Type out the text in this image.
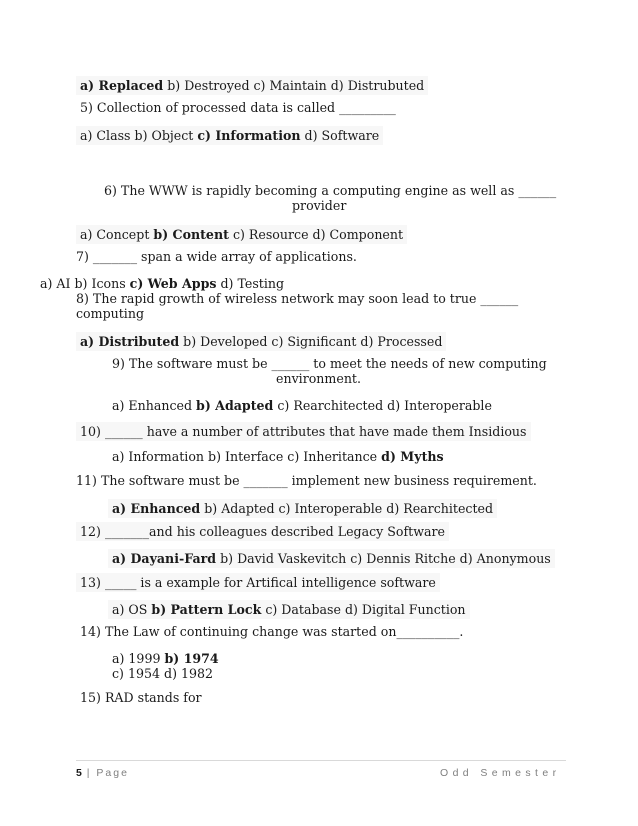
a) Replaced b) Destroyed c) Maintain d) Distrubuted
5) Collection of processed data is called _________
a) Class b) Object c) Information d) Software
6) The WWW is rapidly becoming a computing engine as well as ______
provider
a) Concept b) Content c) Resource d) Component
7) _______ span a wide array of applications.
a) AI b) Icons c) Web Apps d) Testing
8) The rapid growth of wireless network may soon lead to true ______
computing
a) Distributed b) Developed c) Significant d) Processed
9) The software must be ______ to meet the needs of new computing
environment.
a) Enhanced b) Adapted c) Rearchitected d) Interoperable
10) ______ have a number of attributes that have made them Insidious
a) Information b) Interface c) Inheritance d) Myths
11) The software must be _______ implement new business requirement.
a) Enhanced b) Adapted c) Interoperable d) Rearchitected
12) _______and his colleagues described Legacy Software
a) Dayani-Fard b) David Vaskevitch c) Dennis Ritche d) Anonymous
13) _____ is a example for Artifical intelligence software
a) OS b) Pattern Lock c) Database d) Digital Function
14) The Law of continuing change was started on__________.
a) 1999 b) 1974
c) 1954 d) 1982
15) RAD stands for
5 | Page	Odd Semester
